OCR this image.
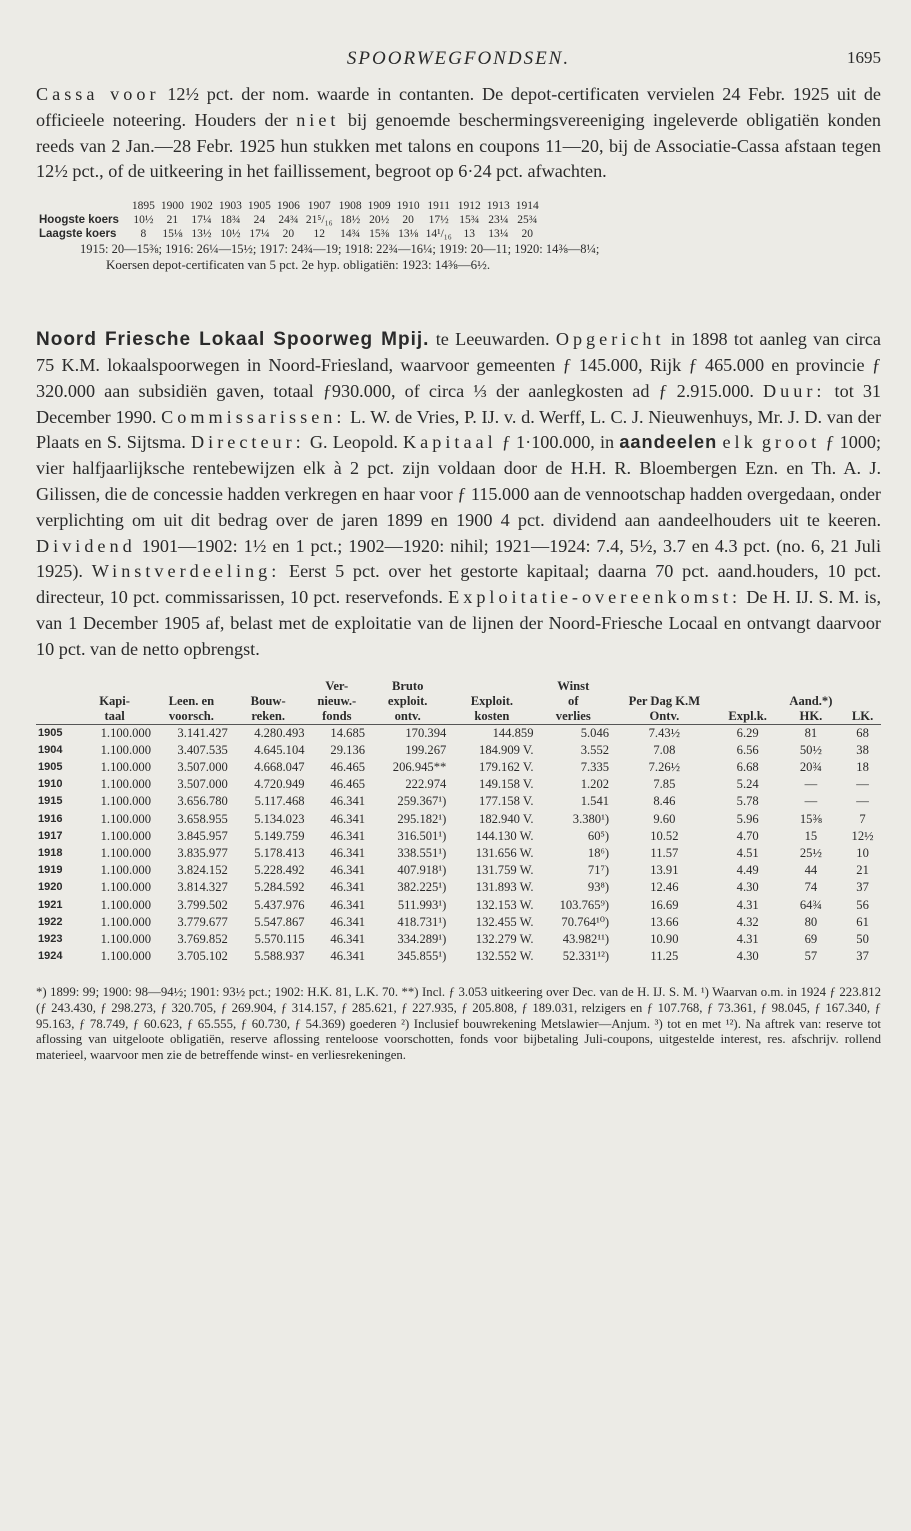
SPOORWEGFONDSEN.	1695

Cassa voor 12½ pct. der nom. waarde in contanten. De depot-certificaten vervielen 24 Febr. 1925 uit de officieele noteering. Houders der niet bij genoemde beschermingsvereeniging ingeleverde obligatiën konden reeds van 2 Jan.—28 Febr. 1925 hun stukken met talons en coupons 11—20, bij de Associatie-Cassa afstaan tegen 12½ pct., of de uitkeering in het faillissement, begroot op 6·24 pct. afwachten.

	1895	1900	1902	1903	1905	1906	1907	1908	1909	1910	1911	1912	1913	1914
Hoogste koers	10½	21	17¼	18¾	24	24¾	21⁵/₁₆	18½	20½	20	17½	15¾	23¼	25¾
Laagste koers	8	15⅛	13½	10½	17¼	20	12	14¾	15⅜	13⅛	14¹/₁₆	13	13¼	20
1915: 20—15⅜; 1916: 26¼—15½; 1917: 24¾—19; 1918: 22¾—16¼; 1919: 20—11; 1920: 14⅜—8¼;
Koersen depot-certificaten van 5 pct. 2e hyp. obligatiën: 1923: 14⅜—6½.

Noord Friesche Lokaal Spoorweg Mpij. te Leeuwarden. Opgericht in 1898 tot aanleg van circa 75 K.M. lokaalspoorwegen in Noord-Friesland, waarvoor gemeenten ƒ 145.000, Rijk ƒ 465.000 en provincie ƒ 320.000 aan subsidiën gaven, totaal ƒ930.000, of circa ⅓ der aanlegkosten ad ƒ 2.915.000. Duur: tot 31 December 1990. Commissarissen: L. W. de Vries, P. IJ. v. d. Werff, L. C. J. Nieuwenhuys, Mr. J. D. van der Plaats en S. Sijtsma. Directeur: G. Leopold. Kapitaal ƒ 1·100.000, in aandeelen elk groot ƒ 1000; vier halfjaarlijksche rentebewijzen elk à 2 pct. zijn voldaan door de H.H. R. Bloembergen Ezn. en Th. A. J. Gilissen, die de concessie hadden verkregen en haar voor ƒ 115.000 aan de vennootschap hadden overgedaan, onder verplichting om uit dit bedrag over de jaren 1899 en 1900 4 pct. dividend aan aandeelhouders uit te keeren. Dividend 1901—1902: 1½ en 1 pct.; 1902—1920: nihil; 1921—1924: 7.4, 5½, 3.7 en 4.3 pct. (no. 6, 21 Juli 1925). Winstverdeeling: Eerst 5 pct. over het gestorte kapitaal; daarna 70 pct. aand.houders, 10 pct. directeur, 10 pct. commissarissen, 10 pct. reservefonds. Exploitatie-overeenkomst: De H. IJ. S. M. is, van 1 December 1905 af, belast met de exploitatie van de lijnen der Noord-Friesche Locaal en ontvangt daarvoor 10 pct. van de netto opbrengst.

				Ver-	Bruto		Winst				
	Kapi-	Leen. en	Bouw-	nieuw.-	exploit.	Exploit.	of	Per Dag K.M		Aand.*)	
	taal	voorsch.	reken.	fonds	ontv.	kosten	verlies	Ontv.	Expl.k.	HK.	LK.
1905	1.100.000	3.141.427	4.280.493	14.685	170.394	144.859	5.046	7.43½	6.29	81	68
1904	1.100.000	3.407.535	4.645.104	29.136	199.267	184.909 V.	3.552	7.08	6.56	50½	38
1905	1.100.000	3.507.000	4.668.047	46.465	206.945**	179.162 V.	7.335	7.26½	6.68	20¾	18
1910	1.100.000	3.507.000	4.720.949	46.465	222.974	149.158 V.	1.202	7.85	5.24	—	—
1915	1.100.000	3.656.780	5.117.468	46.341	259.367¹)	177.158 V.	1.541	8.46	5.78	—	—
1916	1.100.000	3.658.955	5.134.023	46.341	295.182¹)	182.940 V.	3.380¹)	9.60	5.96	15⅜	7
1917	1.100.000	3.845.957	5.149.759	46.341	316.501¹)	144.130 W.	60⁵)	10.52	4.70	15	12½
1918	1.100.000	3.835.977	5.178.413	46.341	338.551¹)	131.656 W.	18⁶)	11.57	4.51	25½	10
1919	1.100.000	3.824.152	5.228.492	46.341	407.918¹)	131.759 W.	71⁷)	13.91	4.49	44	21
1920	1.100.000	3.814.327	5.284.592	46.341	382.225¹)	131.893 W.	93⁸)	12.46	4.30	74	37
1921	1.100.000	3.799.502	5.437.976	46.341	511.993¹)	132.153 W.	103.765⁹)	16.69	4.31	64¾	56
1922	1.100.000	3.779.677	5.547.867	46.341	418.731¹)	132.455 W.	70.764¹⁰)	13.66	4.32	80	61
1923	1.100.000	3.769.852	5.570.115	46.341	334.289¹)	132.279 W.	43.982¹¹)	10.90	4.31	69	50
1924	1.100.000	3.705.102	5.588.937	46.341	345.855¹)	132.552 W.	52.331¹²)	11.25	4.30	57	37
*) 1899: 99; 1900: 98—94½; 1901: 93½ pct.; 1902: H.K. 81, L.K. 70. **) Incl. ƒ 3.053 uitkeering over Dec. van de H. IJ. S. M. ¹) Waarvan o.m. in 1924 ƒ 223.812 (ƒ 243.430, ƒ 298.273, ƒ 320.705, ƒ 269.904, ƒ 314.157, ƒ 285.621, ƒ 227.935, ƒ 205.808, ƒ 189.031, relzigers en ƒ 107.768, ƒ 73.361, ƒ 98.045, ƒ 167.340, ƒ 95.163, ƒ 78.749, ƒ 60.623, ƒ 65.555, ƒ 60.730, ƒ 54.369) goederen ²) Inclusief bouwrekening Metslawier—Anjum. ³) tot en met ¹²). Na aftrek van: reserve tot aflossing van uitgeloote obligatiën, reserve aflossing renteloose voorschotten, fonds voor bijbetaling Juli-coupons, uitgestelde interest, res. afschrijv. rollend materieel, waarvoor men zie de betreffende winst- en verliesrekeningen.
